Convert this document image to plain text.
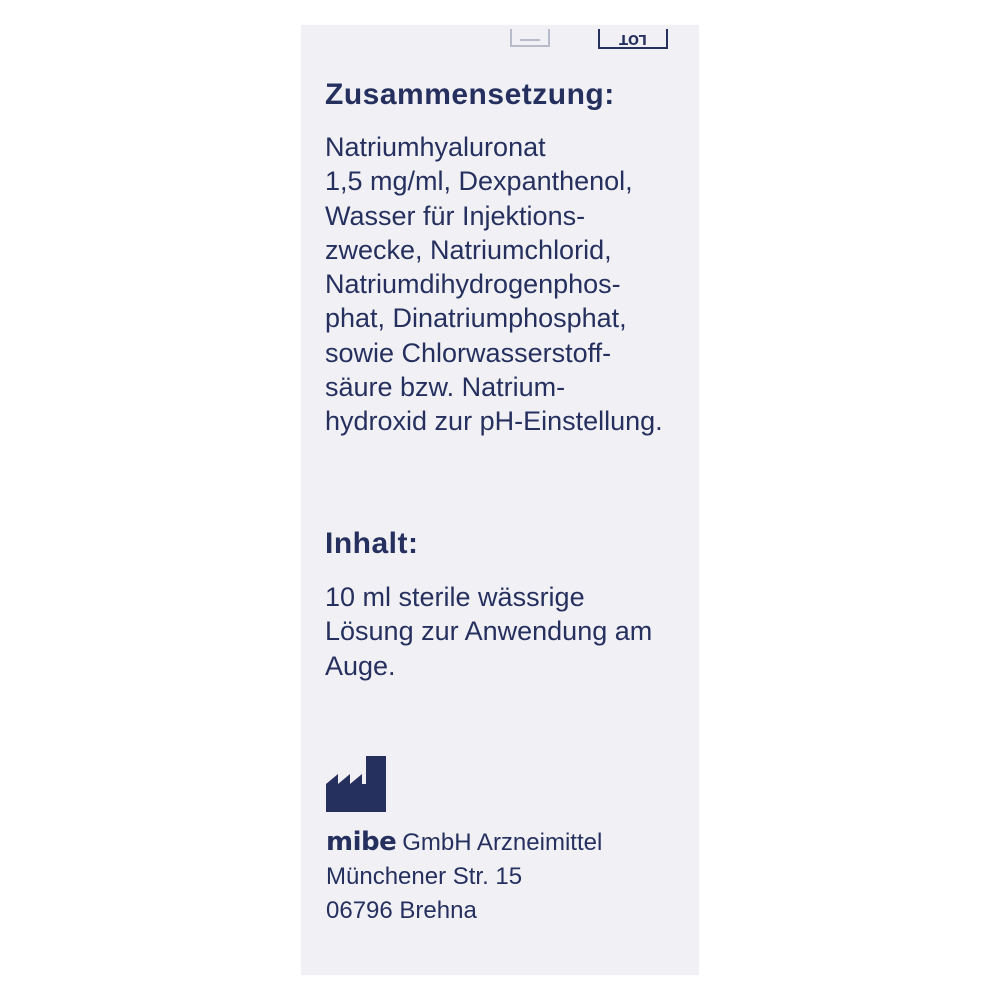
LOT
Zusammensetzung:
Natriumhyaluronat
1,5 mg/ml, Dexpanthenol,
Wasser für Injektions-
zwecke, Natriumchlorid,
Natriumdihydrogenphos-
phat, Dinatriumphosphat,
sowie Chlorwasserstoff-
säure bzw. Natrium-
hydroxid zur pH-Einstellung.
Inhalt:
10 ml sterile wässrige
Lösung zur Anwendung am
Auge.
mibe GmbH Arzneimittel
Münchener Str. 15
06796 Brehna
